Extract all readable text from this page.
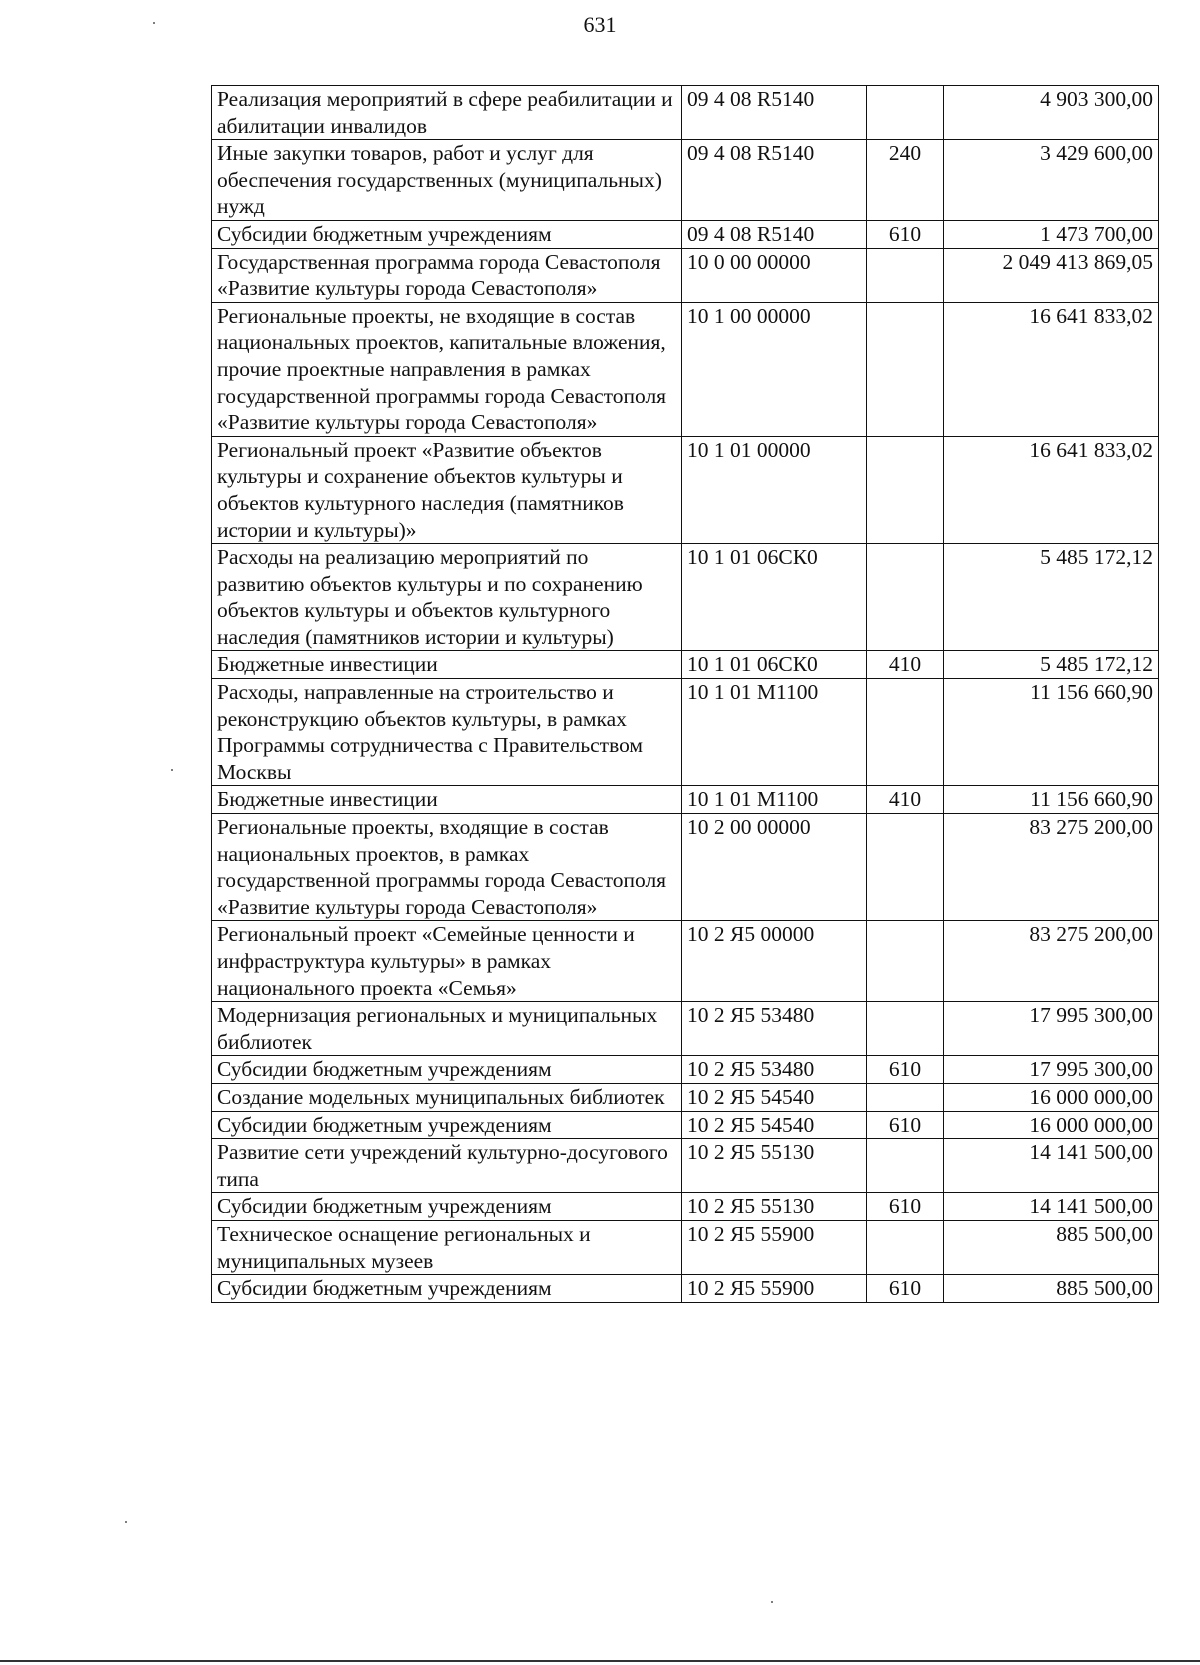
631
Реализация мероприятий в сфере реабилитации и абилитации инвалидов	09 4 08 R5140		4 903 300,00
Иные закупки товаров, работ и услуг для обеспечения государственных (муниципальных) нужд	09 4 08 R5140	240	3 429 600,00
Субсидии бюджетным учреждениям	09 4 08 R5140	610	1 473 700,00
Государственная программа города Севастополя «Развитие культуры города Севастополя»	10 0 00 00000		2 049 413 869,05
Региональные проекты, не входящие в состав национальных проектов, капитальные вложения, прочие проектные направления в рамках государственной программы города Севастополя «Развитие культуры города Севастополя»	10 1 00 00000		16 641 833,02
Региональный проект «Развитие объектов культуры и сохранение объектов культуры и объектов культурного наследия (памятников истории и культуры)»	10 1 01 00000		16 641 833,02
Расходы на реализацию мероприятий по развитию объектов культуры и по сохранению объектов культуры и объектов культурного наследия (памятников истории и культуры)	10 1 01 06СК0		5 485 172,12
Бюджетные инвестиции	10 1 01 06СК0	410	5 485 172,12
Расходы, направленные на строительство и реконструкцию объектов культуры, в рамках Программы сотрудничества с Правительством Москвы	10 1 01 М1100		11 156 660,90
Бюджетные инвестиции	10 1 01 М1100	410	11 156 660,90
Региональные проекты, входящие в состав национальных проектов, в рамках государственной программы города Севастополя «Развитие культуры города Севастополя»	10 2 00 00000		83 275 200,00
Региональный проект «Семейные ценности и инфраструктура культуры» в рамках национального проекта «Семья»	10 2 Я5 00000		83 275 200,00
Модернизация региональных и муниципальных библиотек	10 2 Я5 53480		17 995 300,00
Субсидии бюджетным учреждениям	10 2 Я5 53480	610	17 995 300,00
Создание модельных муниципальных библиотек	10 2 Я5 54540		16 000 000,00
Субсидии бюджетным учреждениям	10 2 Я5 54540	610	16 000 000,00
Развитие сети учреждений культурно-досугового типа	10 2 Я5 55130		14 141 500,00
Субсидии бюджетным учреждениям	10 2 Я5 55130	610	14 141 500,00
Техническое оснащение региональных и муниципальных музеев	10 2 Я5 55900		885 500,00
Субсидии бюджетным учреждениям	10 2 Я5 55900	610	885 500,00
